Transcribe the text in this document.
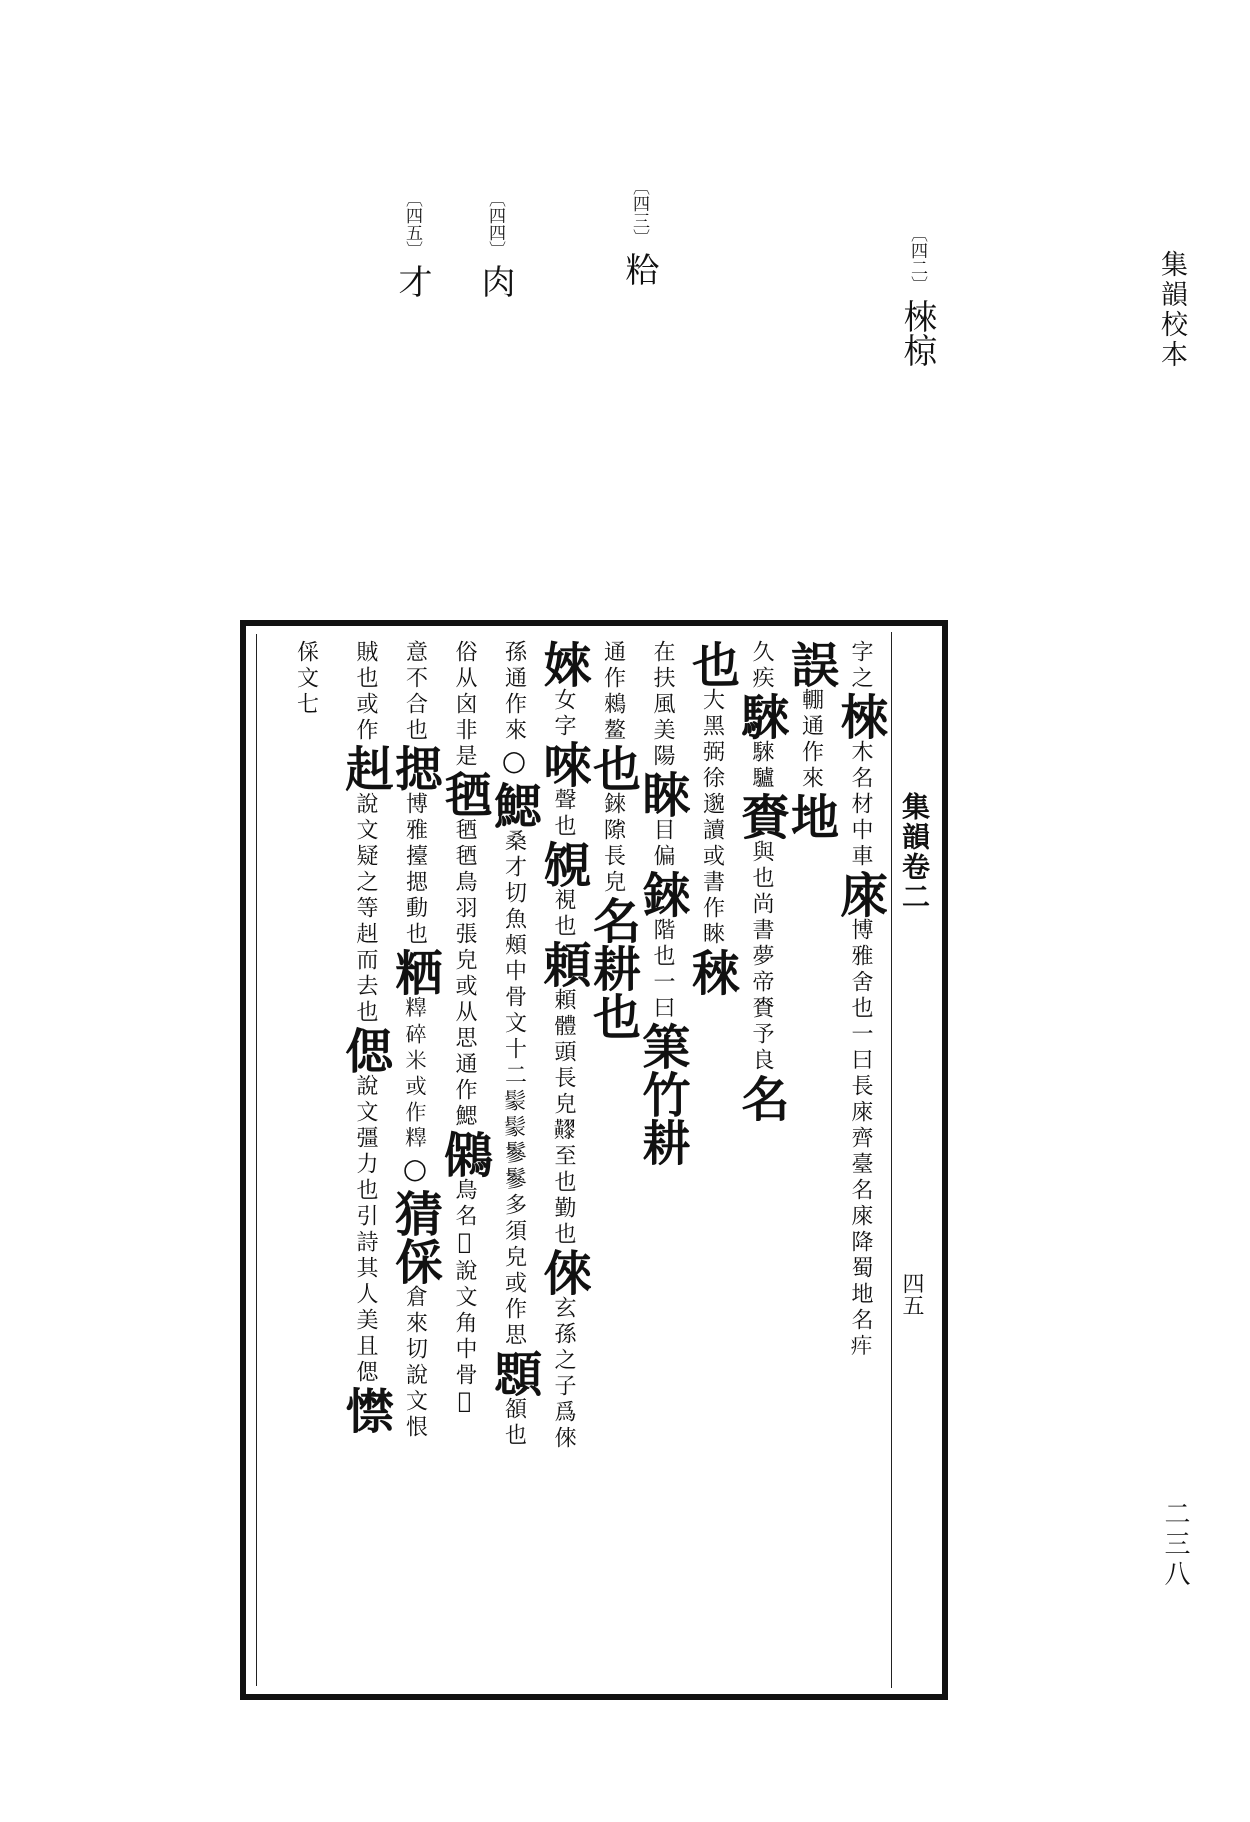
集韻校本
二三八
〔四二〕棶椋
〔四三〕粭
〔四四〕肉
〔四五〕才
集韻卷二
四五
字之棶木名材中車庲博雅舍也一曰長庲齊臺名庲降蜀地名𤵃
誤輣通作來地
久疾騋騋驢賚與也尚書夢帝賚予良名
也大黑弼徐邈讀或書作睞䅘
在扶風美陽睞目偏錸階也一曰筙竹耕
通作鶆鳌也錸𨻶長皃名耕也
婡女字唻聲也覙視也頼頼體頭長皃𪏧至也勤也倈玄孫之子爲倈
孫通作來○鰓桑才切魚頰中骨文十二𩭐𩭐鬖鬖多須皃或作思顋頟也
俗从囟非是毢毢毢鳥羽張皃或从思通作鰓䳰鳥名𩶒說文角中骨𢝊
意不合也揌博雅擡揌動也粞𥼺碎米或作𥼺○猜倸倉來切說文恨
賊也或作赳說文疑之等赳而去也偲說文彊力也引詩其人美且偲㦗
倸文七
